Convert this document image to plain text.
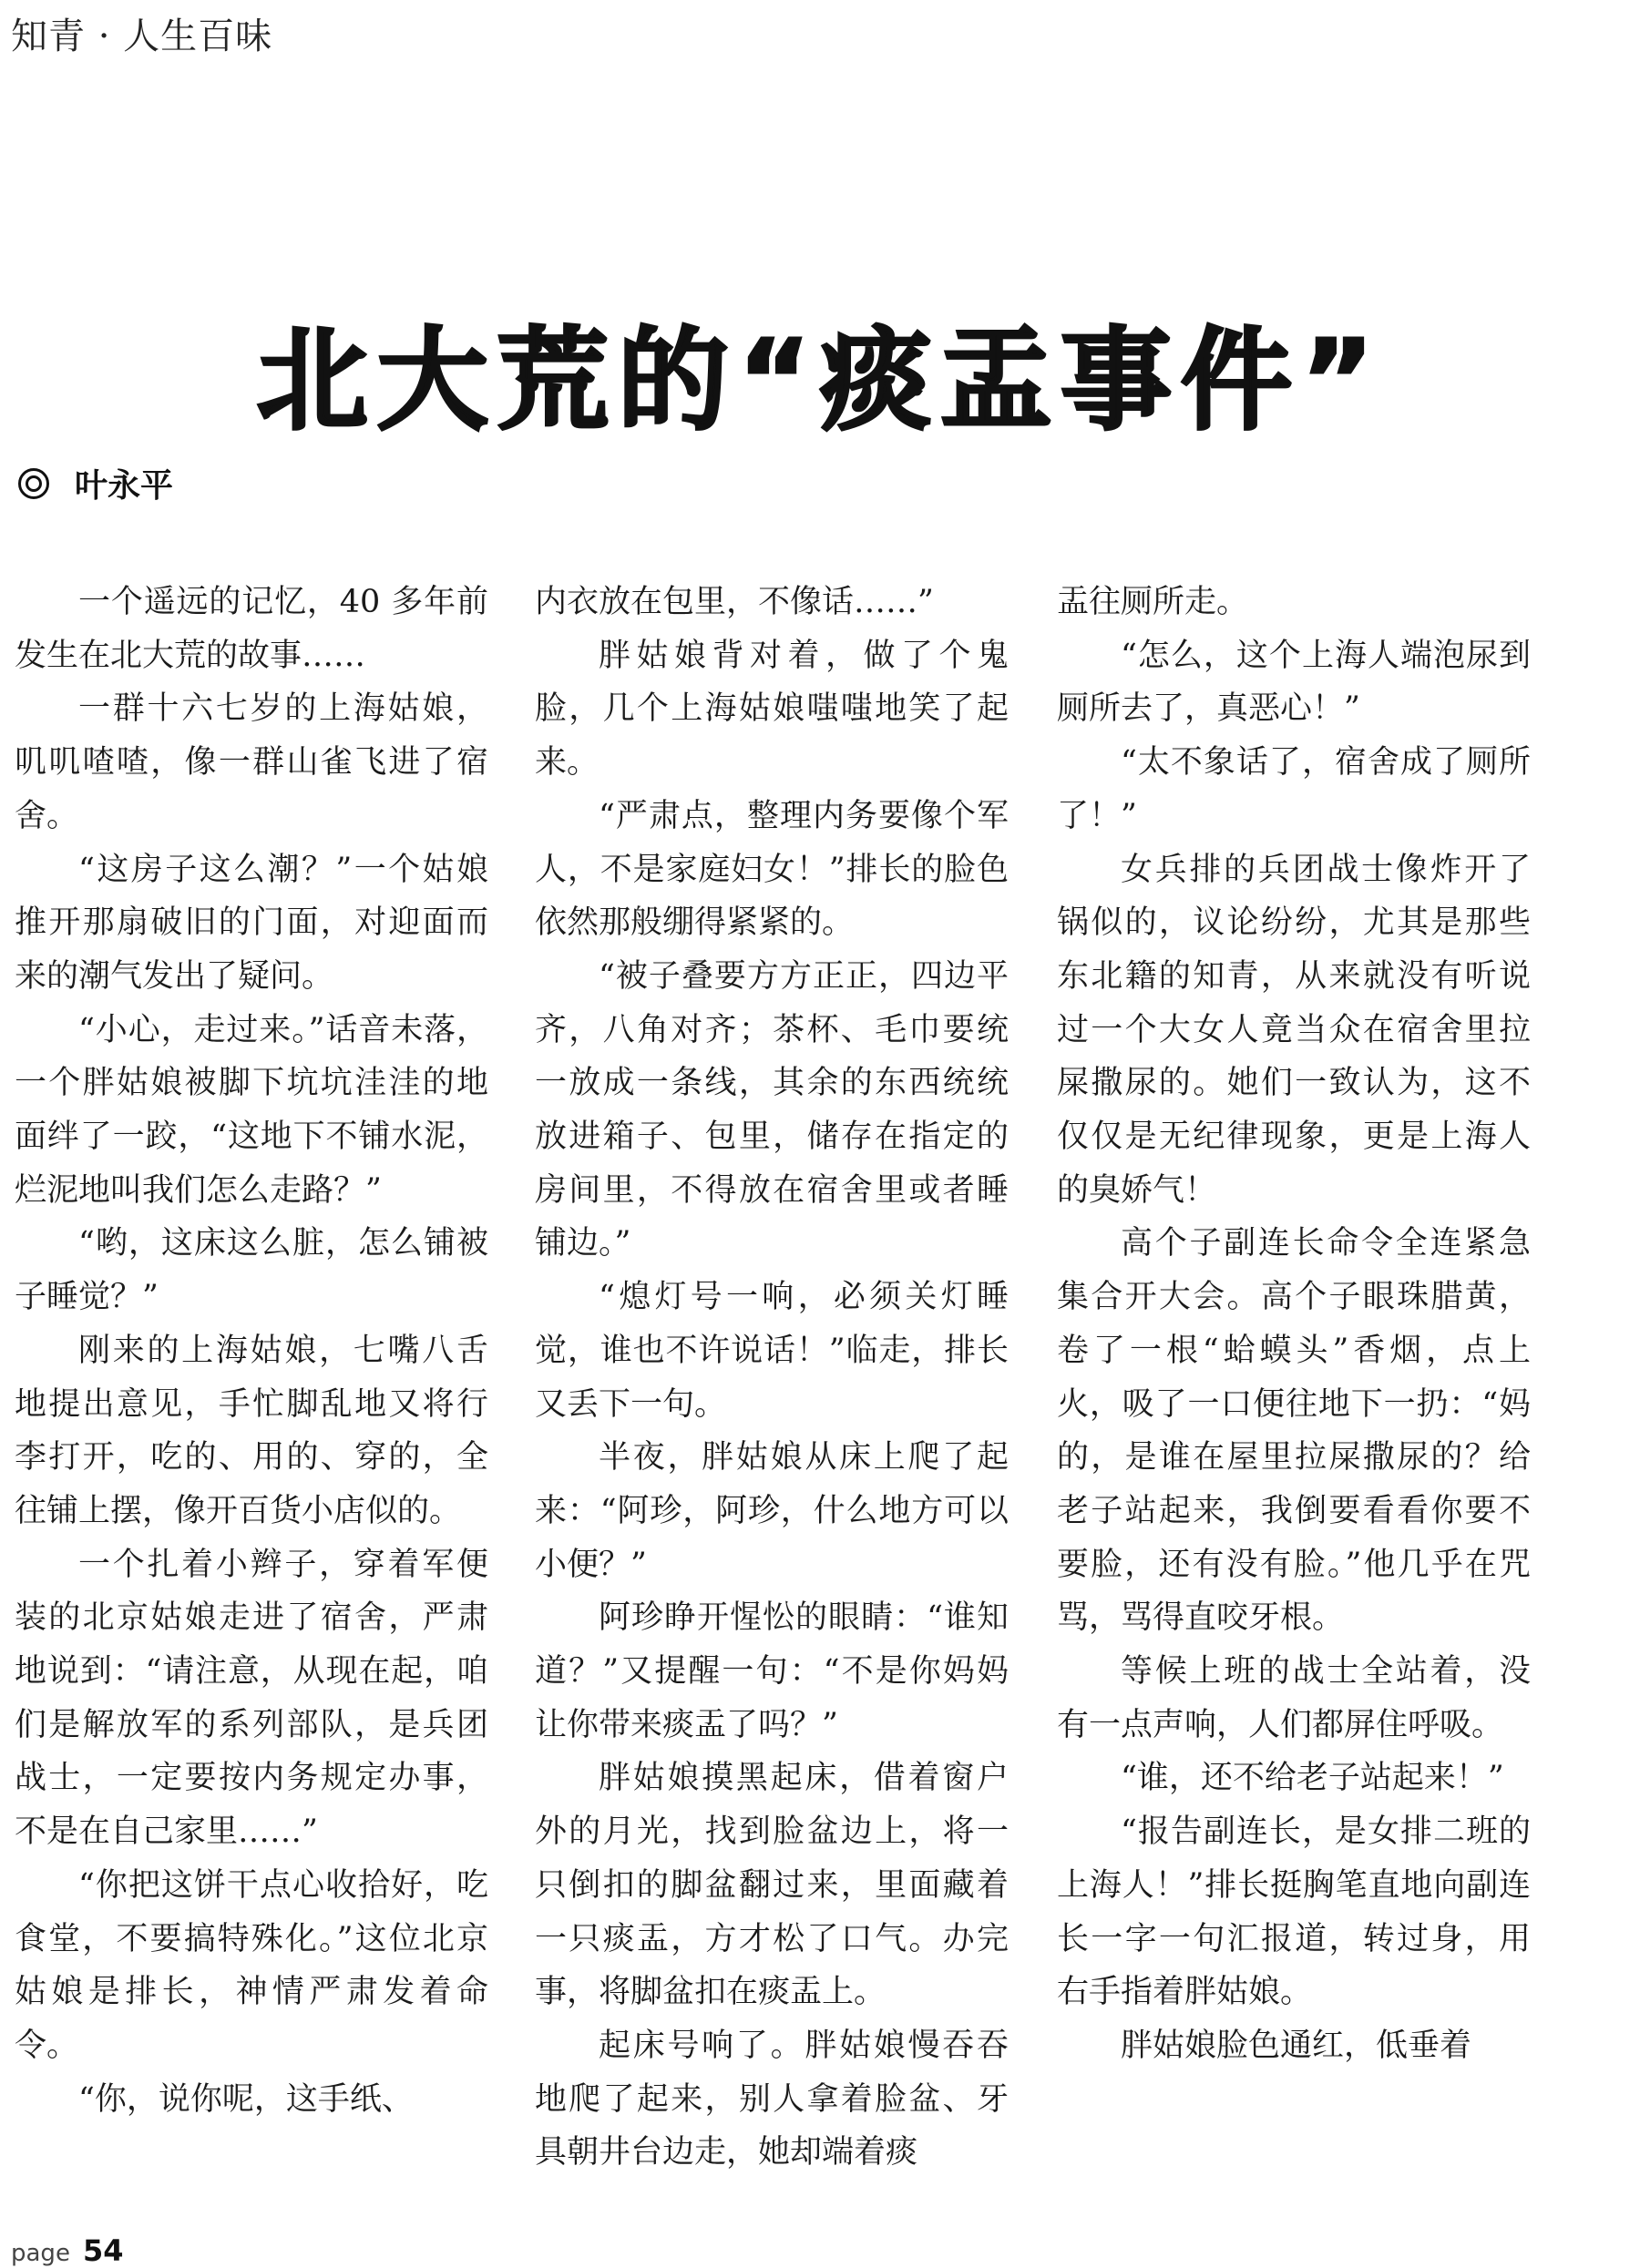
知青 · 人生百味
北大荒的“痰盂事件”
叶永平

一个遥远的记忆，40 多年前发生在北大荒的故事……

一群十六七岁的上海姑娘，叽叽喳喳，像一群山雀飞进了宿舍。

“这房子这么潮？”一个姑娘推开那扇破旧的门面，对迎面而来的潮气发出了疑问。

“小心，走过来。”话音未落，一个胖姑娘被脚下坑坑洼洼的地面绊了一跤，“这地下不铺水泥，烂泥地叫我们怎么走路？”

“哟，这床这么脏，怎么铺被子睡觉？”

刚来的上海姑娘，七嘴八舌地提出意见，手忙脚乱地又将行李打开，吃的、用的、穿的，全往铺上摆，像开百货小店似的。

一个扎着小辫子，穿着军便装的北京姑娘走进了宿舍，严肃地说到：“请注意，从现在起，咱们是解放军的系列部队，是兵团战士，一定要按内务规定办事，不是在自己家里……”

“你把这饼干点心收拾好，吃食堂，不要搞特殊化。”这位北京姑娘是排长，神情严肃发着命令。

“你，说你呢，这手纸、

内衣放在包里，不像话……”

胖姑娘背对着，做了个鬼脸，几个上海姑娘嗤嗤地笑了起来。

“严肃点，整理内务要像个军人，不是家庭妇女！”排长的脸色依然那般绷得紧紧的。

“被子叠要方方正正，四边平齐，八角对齐；茶杯、毛巾要统一放成一条线，其余的东西统统放进箱子、包里，储存在指定的房间里，不得放在宿舍里或者睡铺边。”

“熄灯号一响，必须关灯睡觉，谁也不许说话！”临走，排长又丢下一句。

半夜，胖姑娘从床上爬了起来：“阿珍，阿珍，什么地方可以小便？”

阿珍睁开惺忪的眼睛：“谁知道？”又提醒一句：“不是你妈妈让你带来痰盂了吗？”

胖姑娘摸黑起床，借着窗户外的月光，找到脸盆边上，将一只倒扣的脚盆翻过来，里面藏着一只痰盂，方才松了口气。办完事，将脚盆扣在痰盂上。

起床号响了。胖姑娘慢吞吞地爬了起来，别人拿着脸盆、牙具朝井台边走，她却端着痰

盂往厕所走。

“怎么，这个上海人端泡尿到厕所去了，真恶心！”

“太不象话了，宿舍成了厕所了！”

女兵排的兵团战士像炸开了锅似的，议论纷纷，尤其是那些东北籍的知青，从来就没有听说过一个大女人竟当众在宿舍里拉屎撒尿的。她们一致认为，这不仅仅是无纪律现象，更是上海人的臭娇气！

高个子副连长命令全连紧急集合开大会。高个子眼珠腊黄，卷了一根“蛤蟆头”香烟，点上火，吸了一口便往地下一扔：“妈的，是谁在屋里拉屎撒尿的？给老子站起来，我倒要看看你要不要脸，还有没有脸。”他几乎在咒骂，骂得直咬牙根。

等候上班的战士全站着，没有一点声响，人们都屏住呼吸。

“谁，还不给老子站起来！”

“报告副连长，是女排二班的上海人！”排长挺胸笔直地向副连长一字一句汇报道，转过身，用右手指着胖姑娘。

胖姑娘脸色通红，低垂着

page 54
